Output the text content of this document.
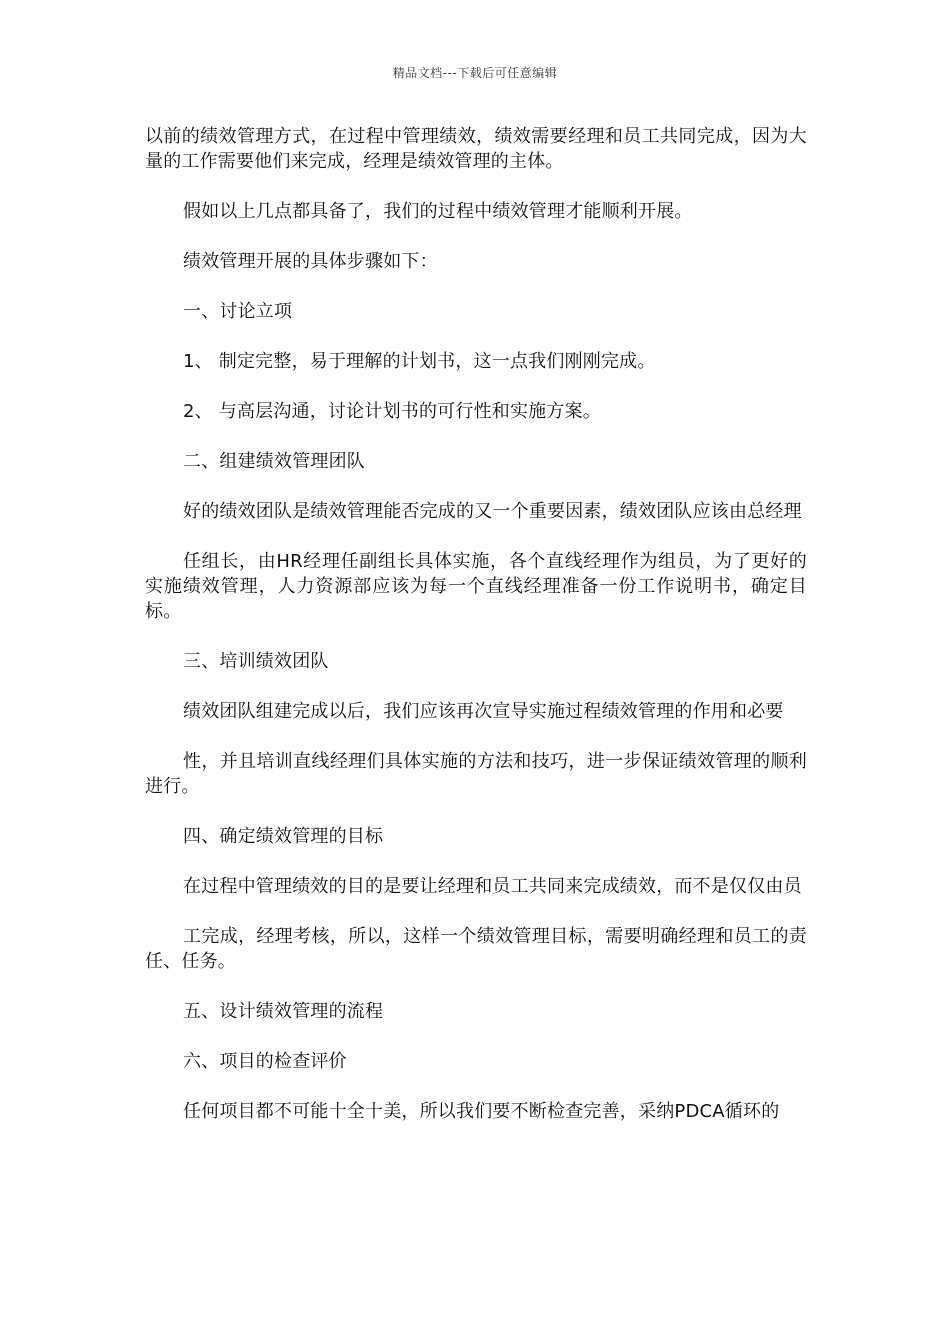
精品文档---下载后可任意编辑

以前的绩效管理方式，在过程中管理绩效，绩效需要经理和员工共同完成，因为大量的工作需要他们来完成，经理是绩效管理的主体。

假如以上几点都具备了，我们的过程中绩效管理才能顺利开展。

绩效管理开展的具体步骤如下：

一、讨论立项

1、 制定完整，易于理解的计划书，这一点我们刚刚完成。

2、 与高层沟通，讨论计划书的可行性和实施方案。

二、组建绩效管理团队

好的绩效团队是绩效管理能否完成的又一个重要因素，绩效团队应该由总经理

任组长，由HR经理任副组长具体实施，各个直线经理作为组员，为了更好的实施绩效管理，人力资源部应该为每一个直线经理准备一份工作说明书，确定目标。

三、培训绩效团队

绩效团队组建完成以后，我们应该再次宣导实施过程绩效管理的作用和必要

性，并且培训直线经理们具体实施的方法和技巧，进一步保证绩效管理的顺利进行。

四、确定绩效管理的目标

在过程中管理绩效的目的是要让经理和员工共同来完成绩效，而不是仅仅由员

工完成，经理考核，所以，这样一个绩效管理目标，需要明确经理和员工的责任、任务。

五、设计绩效管理的流程

六、项目的检查评价

任何项目都不可能十全十美，所以我们要不断检查完善，采纳PDCA循环的
